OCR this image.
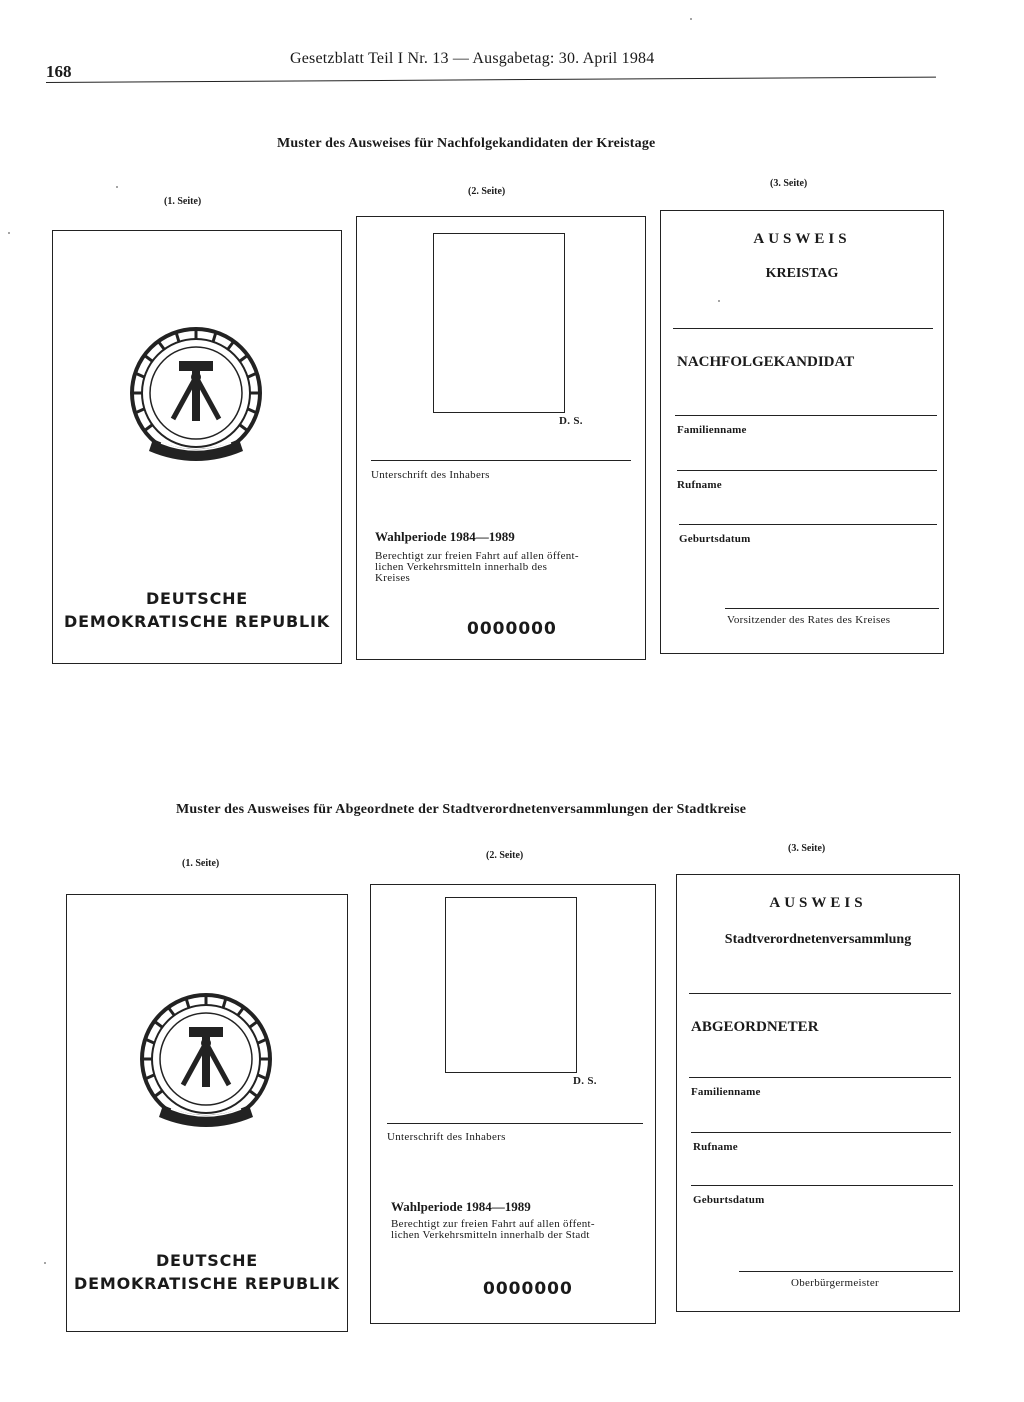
168
Gesetzblatt Teil I Nr. 13 — Ausgabetag: 30. April 1984
Muster des Ausweises für Nachfolgekandidaten der Kreistage
(1. Seite)
(2. Seite)
(3. Seite)
DEUTSCHE
DEMOKRATISCHE REPUBLIK
D. S.
Unterschrift des Inhabers
Wahlperiode 1984—1989
Berechtigt zur freien Fahrt auf allen öffent-
lichen Verkehrsmitteln innerhalb des
Kreises
0000000
AUSWEIS
KREISTAG
NACHFOLGEKANDIDAT
Familienname
Rufname
Geburtsdatum
Vorsitzender des Rates des Kreises
Muster des Ausweises für Abgeordnete der Stadtverordnetenversammlungen der Stadtkreise
(1. Seite)
(2. Seite)
(3. Seite)
DEUTSCHE
DEMOKRATISCHE REPUBLIK
D. S.
Unterschrift des Inhabers
Wahlperiode 1984—1989
Berechtigt zur freien Fahrt auf allen öffent-
lichen Verkehrsmitteln innerhalb der Stadt
0000000
AUSWEIS
Stadtverordnetenversammlung
ABGEORDNETER
Familienname
Rufname
Geburtsdatum
Oberbürgermeister
